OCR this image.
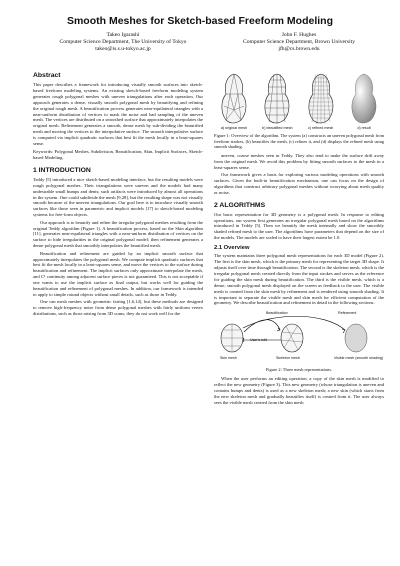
Smooth Meshes for Sketch-based Freeform Modeling
Takeo Igarashi
Computer Science Department, The University of Tokyo
takeo@is.s.u-tokyo.ac.jp
John F. Hughes
Computer Science Department, Brown University
jfh@cs.brown.edu
Abstract

This paper describes a framework for introducing visually smooth surfaces into sketch-based freeform modeling systems. An existing sketch-based freeform modeling system generates rough polygonal meshes with uneven triangulations after each operation. Our approach generates a dense, visually smooth polygonal mesh by beautifying and refining the original rough mesh. A beautification process generates near-equilateral triangles with a near-uniform distribution of vertices to mask the noise and bad sampling of the uneven mesh. The vertices are distributed on a smoothed surface that approximately interpolates the original mesh. Refinement generates a smooth, dense mesh by sub-dividing the beautified mesh and moving the vertices to the interpolative surface. The smooth interpolative surface is computed via implicit quadratic surfaces that best fit the mesh locally in a least-squares sense.

Keywords: Polygonal Meshes, Subdivision, Beautification, Skin, Implicit Surfaces, Sketch-based Modeling.

1 INTRODUCTION

Teddy [5] introduced a nice sketch-based modeling interface, but the resulting models were rough polygonal meshes. Their triangulations were uneven and the models had many undesirable small bumps and dents; such artifacts were introduced by almost all operations in the system. One could subdivide the mesh [9,28], but the resulting shape was not visually smooth because of the uneven triangulations. Our goal here is to introduce visually smooth surfaces like those seen in parametric and implicit models [17] to sketch-based modeling systems for free-form objects.

Our approach is to beautify and refine the irregular polygonal meshes resulting from the original Teddy algorithm (Figure 1). A beautification process, based on the Skin algorithm [11], generates near-equilateral triangles with a near-uniform distribution of vertices on the surface to hide irregularities in the original polygonal model; then refinement generates a dense polygonal mesh that smoothly interpolates the beautified mesh.

Beautification and refinement are guided by an implicit smooth surface that approximately interpolates the polygonal mesh. We compute implicit quadratic surfaces that best fit the mesh locally in a least-squares sense, and move the vertices to the surface during beautification and refinement. The implicit surfaces only approximate interpolate the mesh, and C¹ continuity among adjacent surface pieces is not guaranteed. This is not acceptable if one wants to use the implicit surface as final output, but works well for guiding the beautification and refinement of polygonal meshes. In addition, our framework is intended to apply to simple rotund objects without small details, such as those in Teddy.

One can mesh meshes with geometric fairing [1,6,14], but these methods are designed to remove high-frequency noise from dense polygonal meshes with fairly uniform vertex distributions, such as those arising from 3D scans; they do not work well for the

a) original mesh	b) beautified mesh	c) refined mesh	d) result

Figure 1: Overview of the algorithm. The system (a) constructs an uneven polygonal mesh from freeform strokes, (b) beautifies the mesh, (c) refines it, and (d) displays the refined mesh using smooth shading.

uneven, coarse meshes seen in Teddy. They also tend to make the surface drift away from the original mesh. We avoid this problem by fitting smooth surfaces to the mesh in a least-squares sense.

Our framework gives a basis for exploring various modeling operations with smooth surfaces. Given the built-in beautification mechanism, one can focus on the design of algorithms that construct arbitrary polygonal meshes without worrying about mesh quality or noise.

2 ALGORITHMS

Our basic representation for 3D geometry is a polygonal mesh. In response to editing operations, our system first generates an irregular polygonal mesh based on the algorithms introduced in Teddy [5]. Then we beautify the mesh internally and show the smoothly shaded refined mesh to the user. The algorithms have parameters that depend on the size of the models. The models are scaled to have their largest extent be 1.0.

2.1 Overview

The system maintains three polygonal mesh representations for each 3D model (Figure 2). The first is the skin mesh, which is the primary mesh for representing the target 3D shape. It adjusts itself over time through beautification. The second is the skeleton mesh, which is the irregular polygonal mesh created directly from the input strokes and serves as the reference for guiding the skin mesh during beautification. The third is the visible mesh, which is a dense, smooth polygonal mesh displayed on the screen as feedback to the user. The visible mesh is created from the skin mesh by refinement and is rendered using smooth shading. It is important to separate the visible mesh and skin mesh for efficient computation of the geometry. We describe beautification and refinement in detail in the following sections.

Skin mesh	Skeleton mesh	Visible mesh (smooth shading)
User's edit
Beautification	Refinement

Figure 2: Three mesh representations.

When the user performs an editing operation, a copy of the skin mesh is modified to reflect the new geometry (Figure 3). This new geometry (whose triangulation is uneven and contains bumps and dents) is used as a new skeleton mesh; a new skin (which starts from the new skeleton mesh and gradually beautifies itself) is created from it. The user always sees the visible mesh created from the skin mesh
